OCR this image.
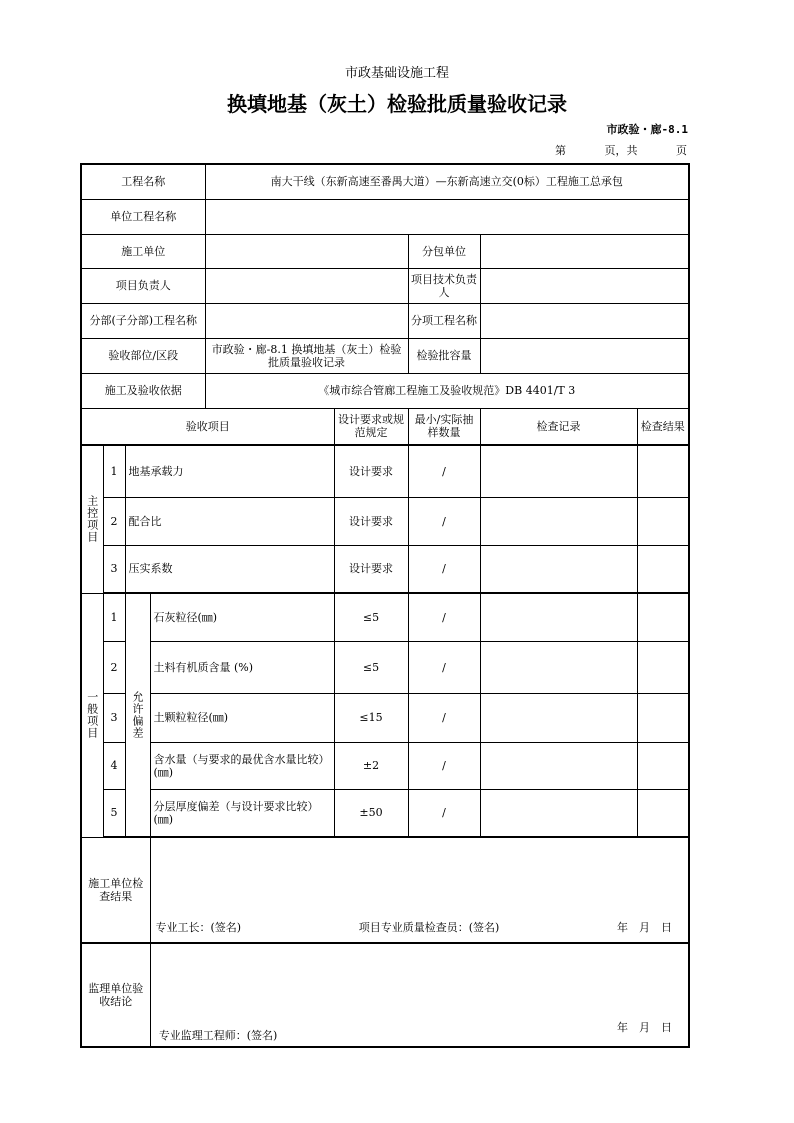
市政基础设施工程
换填地基（灰土）检验批质量验收记录
市政验・廊-8.1
第	页，共	页
工程名称				南大干线（东新高速至番禺大道）—东新高速立交(0标）工程施工总承包				
单位工程名称								
施工单位						分包单位		
项目负责人						项目技术负责人		
分部(子分部)工程名称						分项工程名称		
验收部位/区段				市政验・廊-8.1 换填地基（灰土）检验批质量验收记录		检验批容量		
施工及验收依据				《城市综合管廊工程施工及验收规范》DB 4401/T 3				
验收项目					设计要求或规范规定	最小/实际抽样数量	检查记录	检查结果

主控项目	1	地基承载力			设计要求	/		
	2	配合比			设计要求	/		
	3	压实系数			设计要求	/		

一般项目	1	允许偏差	石灰粒径(㎜)		≤5	/		
	2		土料有机质含量 (%)		≤5	/		
	3		土颗粒粒径(㎜)		≤15	/		
	4		含水量（与要求的最优含水量比较）(㎜)		±2	/		
	5		分层厚度偏差（与设计要求比较）(㎜)		±50	/		
施工单位检查结果			专业工长：(签名) 项目专业质量检查员：(签名) 年　月　日					

监理单位验收结论			专业监理工程师：(签名)
年　月　日					
